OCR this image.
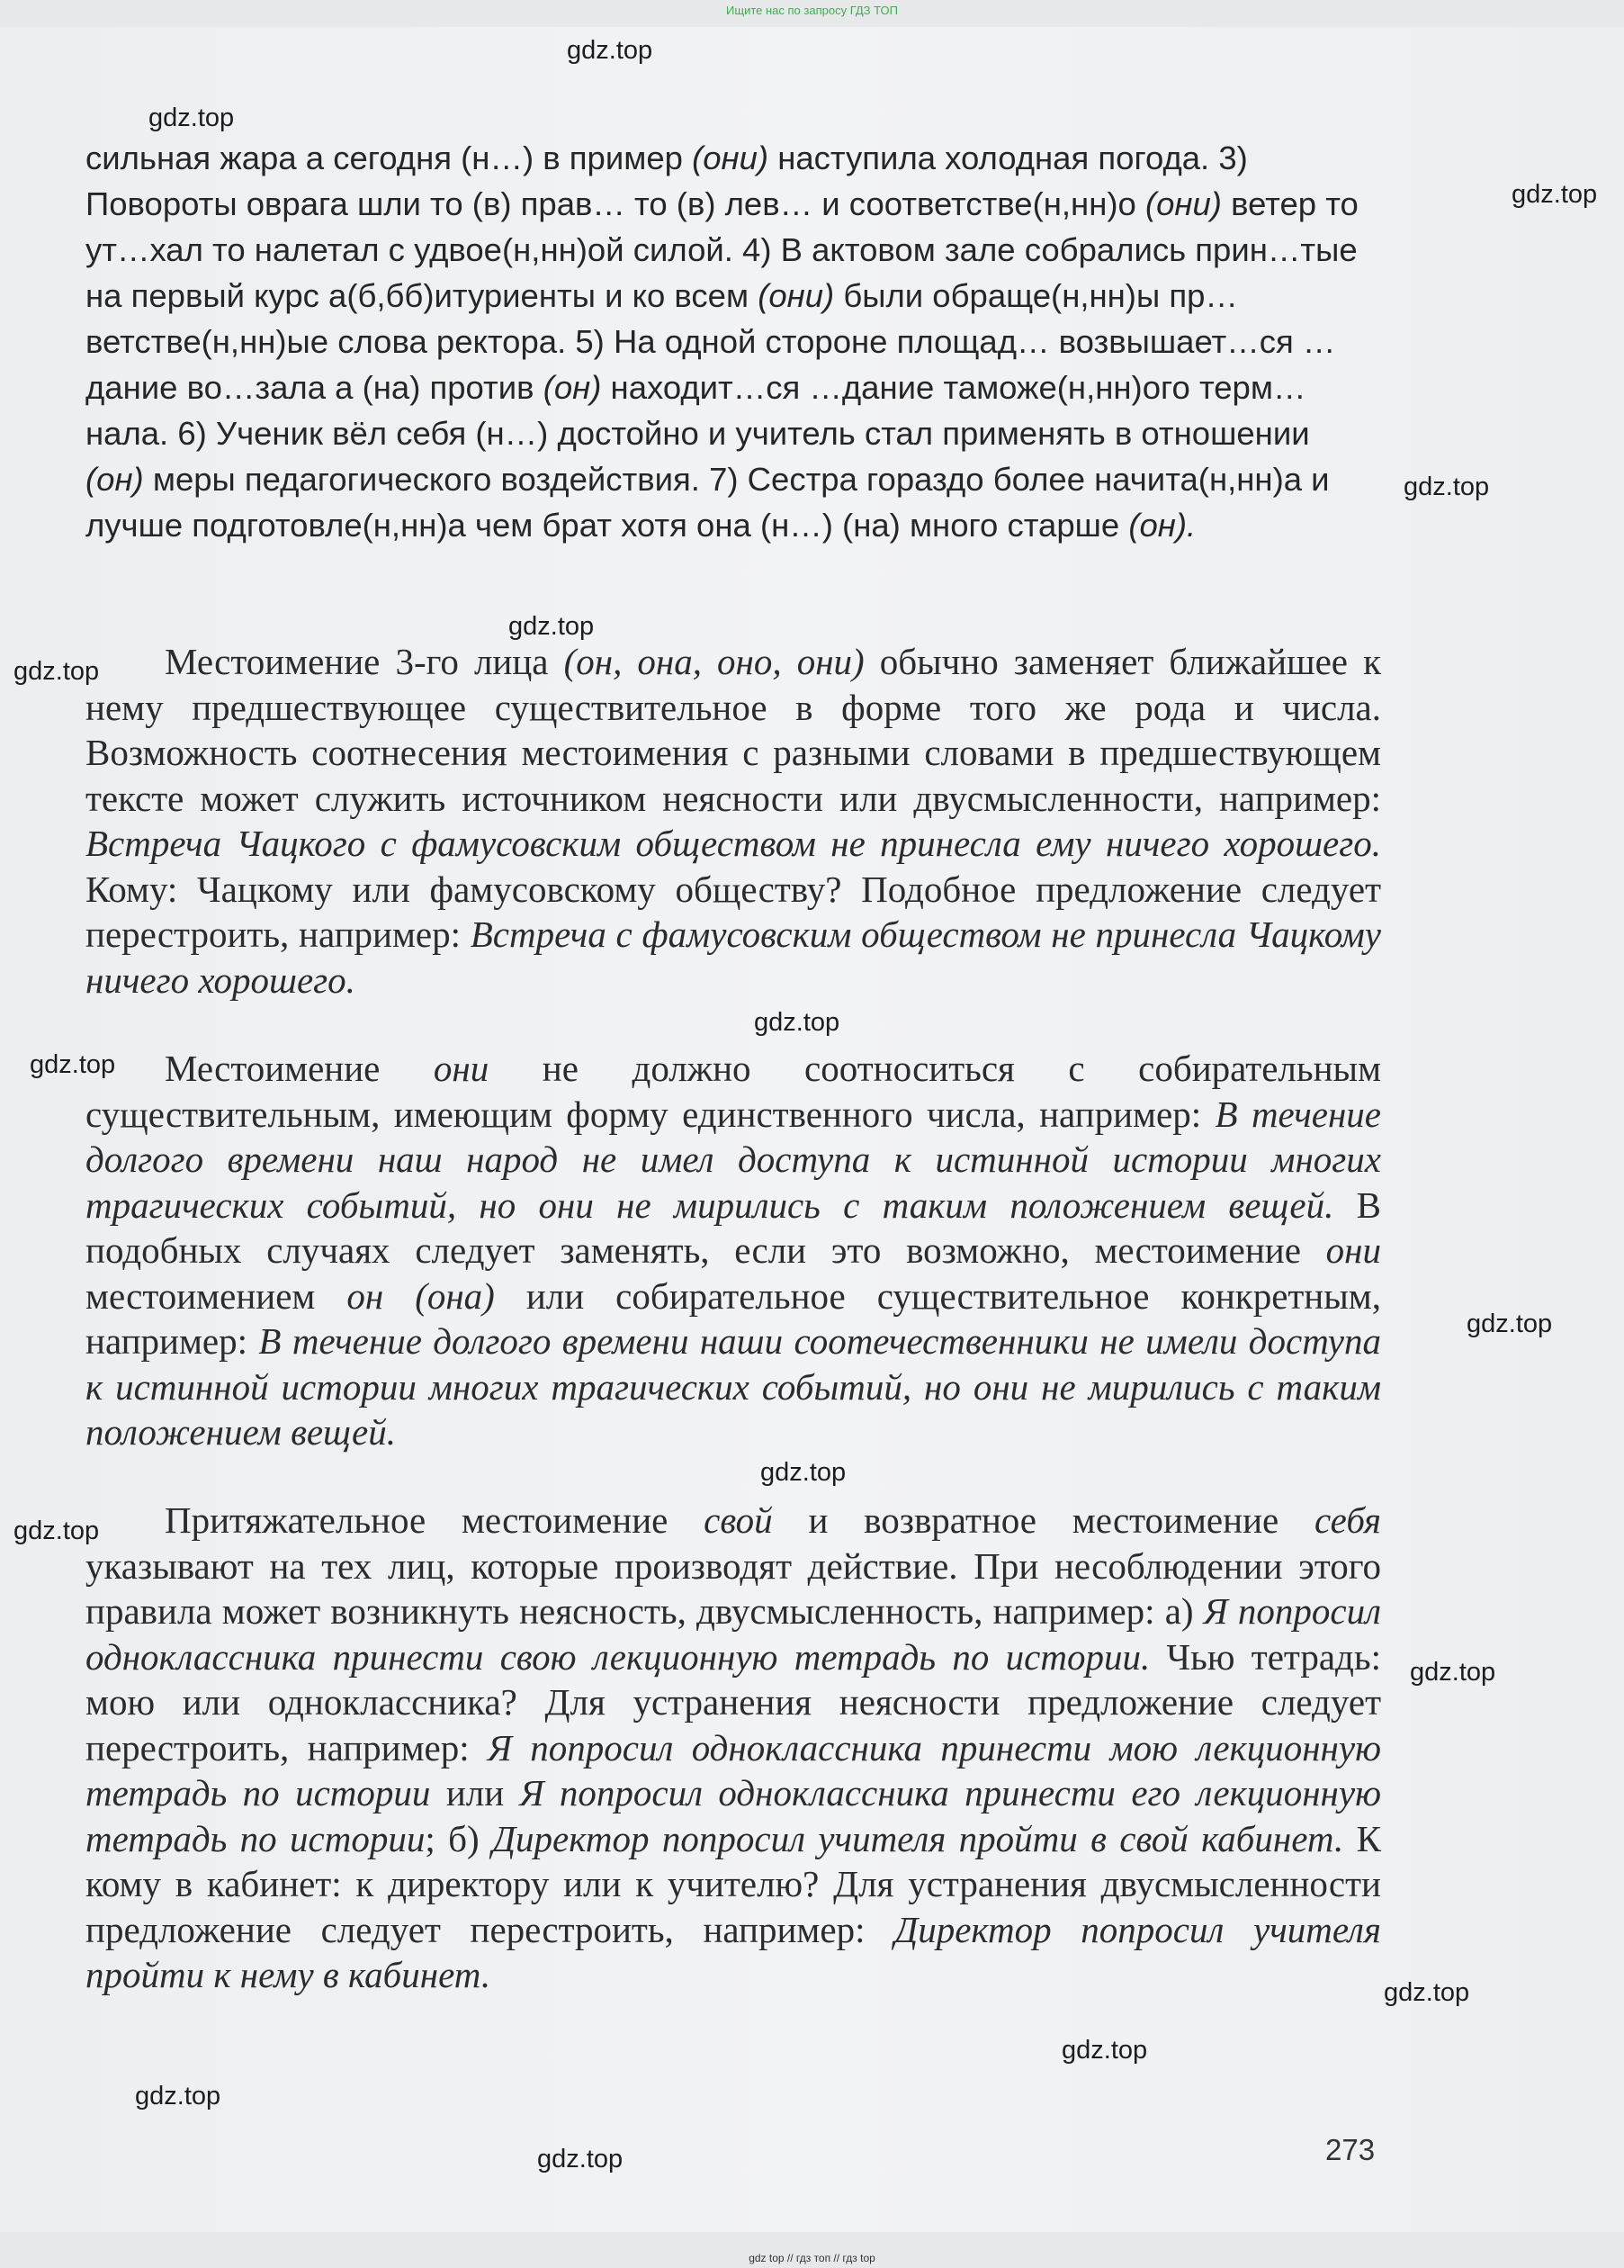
Ищите нас по запросу ГДЗ ТОП
сильная жара а сегодня (н…) в пример (они) наступила холодная погода. 3) Повороты оврага шли то (в) прав… то (в) лев… и соответстве(н,нн)о (они) ветер то ут…хал то налетал с удвое(н,нн)ой силой. 4) В актовом зале собрались прин…тые на первый курс а(б,бб)итуриенты и ко всем (они) были обраще(н,нн)ы пр…ветстве(н,нн)ые слова ректора. 5) На одной стороне площад… возвышает…ся …дание во…зала а (на) против (он) находит…ся …дание таможе(н,нн)ого терм…нала. 6) Ученик вёл себя (н…) достойно и учитель стал применять в отношении (он) меры педагогического воздействия. 7) Сестра гораздо более начита(н,нн)а и лучше подготовле(н,нн)а чем брат хотя она (н…) (на) много старше (он).

Местоимение 3-го лица (он, она, оно, они) обычно заменяет ближайшее к нему предшествующее существительное в форме того же рода и числа. Возможность соотнесения местоимения с разными словами в предшествующем тексте может служить источником неясности или двусмысленности, например: Встреча Чацкого с фамусовским обществом не принесла ему ничего хорошего. Кому: Чацкому или фамусовскому обществу? Подобное предложение следует перестроить, например: Встреча с фамусовским обществом не принесла Чацкому ничего хорошего.

Местоимение они не должно соотноситься с собирательным существительным, имеющим форму единственного числа, например: В течение долгого времени наш народ не имел доступа к истинной истории многих трагических событий, но они не мирились с таким положением вещей. В подобных случаях следует заменять, если это возможно, местоимение они местоимением он (она) или собирательное существительное конкретным, например: В течение долгого времени наши соотечественники не имели доступа к истинной истории многих трагических событий, но они не мирились с таким положением вещей.

Притяжательное местоимение свой и возвратное местоимение себя указывают на тех лиц, которые производят действие. При несоблюдении этого правила может возникнуть неясность, двусмысленность, например: а) Я попросил одноклассника принести свою лекционную тетрадь по истории. Чью тетрадь: мою или одноклассника? Для устранения неясности предложение следует перестроить, например: Я попросил одноклассника принести мою лекционную тетрадь по истории или Я попросил одноклассника принести его лекционную тетрадь по истории; б) Директор попросил учителя пройти в свой кабинет. К кому в кабинет: к директору или к учителю? Для устранения двусмысленности предложение следует перестроить, например: Директор попросил учителя пройти к нему в кабинет.

273
gdz.top
gdz.top
gdz.top
gdz.top
gdz.top
gdz.top
gdz.top
gdz.top
gdz.top
gdz.top
gdz.top
gdz.top
gdz.top
gdz.top
gdz.top
gdz.top
gdz top // гдз топ // гдз top
